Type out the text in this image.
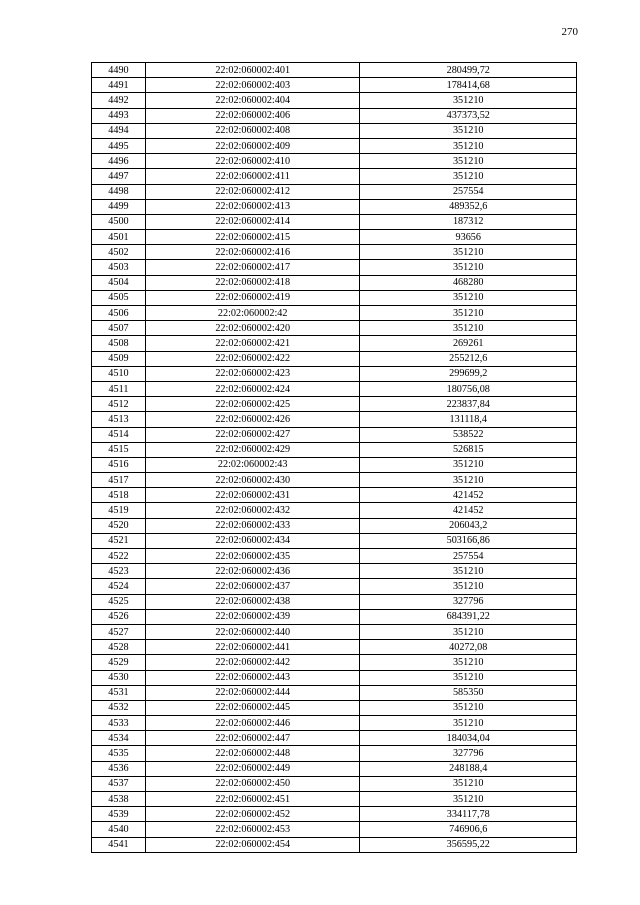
270
4490	22:02:060002:401	280499,72
4491	22:02:060002:403	178414,68
4492	22:02:060002:404	351210
4493	22:02:060002:406	437373,52
4494	22:02:060002:408	351210
4495	22:02:060002:409	351210
4496	22:02:060002:410	351210
4497	22:02:060002:411	351210
4498	22:02:060002:412	257554
4499	22:02:060002:413	489352,6
4500	22:02:060002:414	187312
4501	22:02:060002:415	93656
4502	22:02:060002:416	351210
4503	22:02:060002:417	351210
4504	22:02:060002:418	468280
4505	22:02:060002:419	351210
4506	22:02:060002:42	351210
4507	22:02:060002:420	351210
4508	22:02:060002:421	269261
4509	22:02:060002:422	255212,6
4510	22:02:060002:423	299699,2
4511	22:02:060002:424	180756,08
4512	22:02:060002:425	223837,84
4513	22:02:060002:426	131118,4
4514	22:02:060002:427	538522
4515	22:02:060002:429	526815
4516	22:02:060002:43	351210
4517	22:02:060002:430	351210
4518	22:02:060002:431	421452
4519	22:02:060002:432	421452
4520	22:02:060002:433	206043,2
4521	22:02:060002:434	503166,86
4522	22:02:060002:435	257554
4523	22:02:060002:436	351210
4524	22:02:060002:437	351210
4525	22:02:060002:438	327796
4526	22:02:060002:439	684391,22
4527	22:02:060002:440	351210
4528	22:02:060002:441	40272,08
4529	22:02:060002:442	351210
4530	22:02:060002:443	351210
4531	22:02:060002:444	585350
4532	22:02:060002:445	351210
4533	22:02:060002:446	351210
4534	22:02:060002:447	184034,04
4535	22:02:060002:448	327796
4536	22:02:060002:449	248188,4
4537	22:02:060002:450	351210
4538	22:02:060002:451	351210
4539	22:02:060002:452	334117,78
4540	22:02:060002:453	746906,6
4541	22:02:060002:454	356595,22
